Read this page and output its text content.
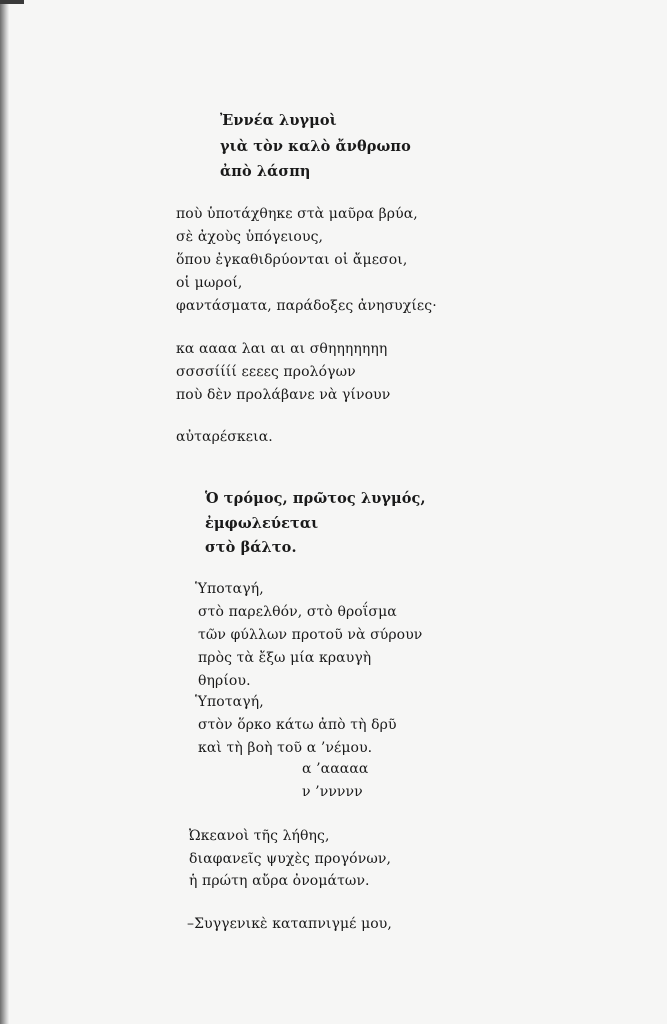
Ἐννέα λυγμοὶ
γιὰ τὸν καλὸ ἄνθρωπο
ἀπὸ λάσπη
ποὺ ὑποτάχθηκε στὰ μαῦρα βρύα,
σὲ ἀχοὺς ὑπόγειους,
ὅπου ἐγκαθιδρύονται οἱ ἄμεσοι,
οἱ μωροί,
φαντάσματα, παράδοξες ἀνησυχίες·
κα αααα λαι αι αι σθηηηηηηη
σσσσίίίί εεεες προλόγων
ποὺ δὲν προλάβανε νὰ γίνουν
αὐταρέσκεια.
Ὁ τρόμος, πρῶτος λυγμός,
ἐμφωλεύεται
στὸ βάλτο.
Ὑποταγή,
στὸ παρελθόν, στὸ θροΐσμα
τῶν φύλλων προτοῦ νὰ σύρουν
πρὸς τὰ ἔξω μία κραυγὴ
θηρίου.
Ὑποταγή,
στὸν ὅρκο κάτω ἀπὸ τὴ δρῦ
καὶ τὴ βοὴ τοῦ α ’νέμου.
α ’ααααα
ν ’ννννν
Ὠκεανοὶ τῆς λήθης,
διαφανεῖς ψυχὲς προγόνων,
ἡ πρώτη αὔρα ὀνομάτων.
–Συγγενικὲ καταπνιγμέ μου,
